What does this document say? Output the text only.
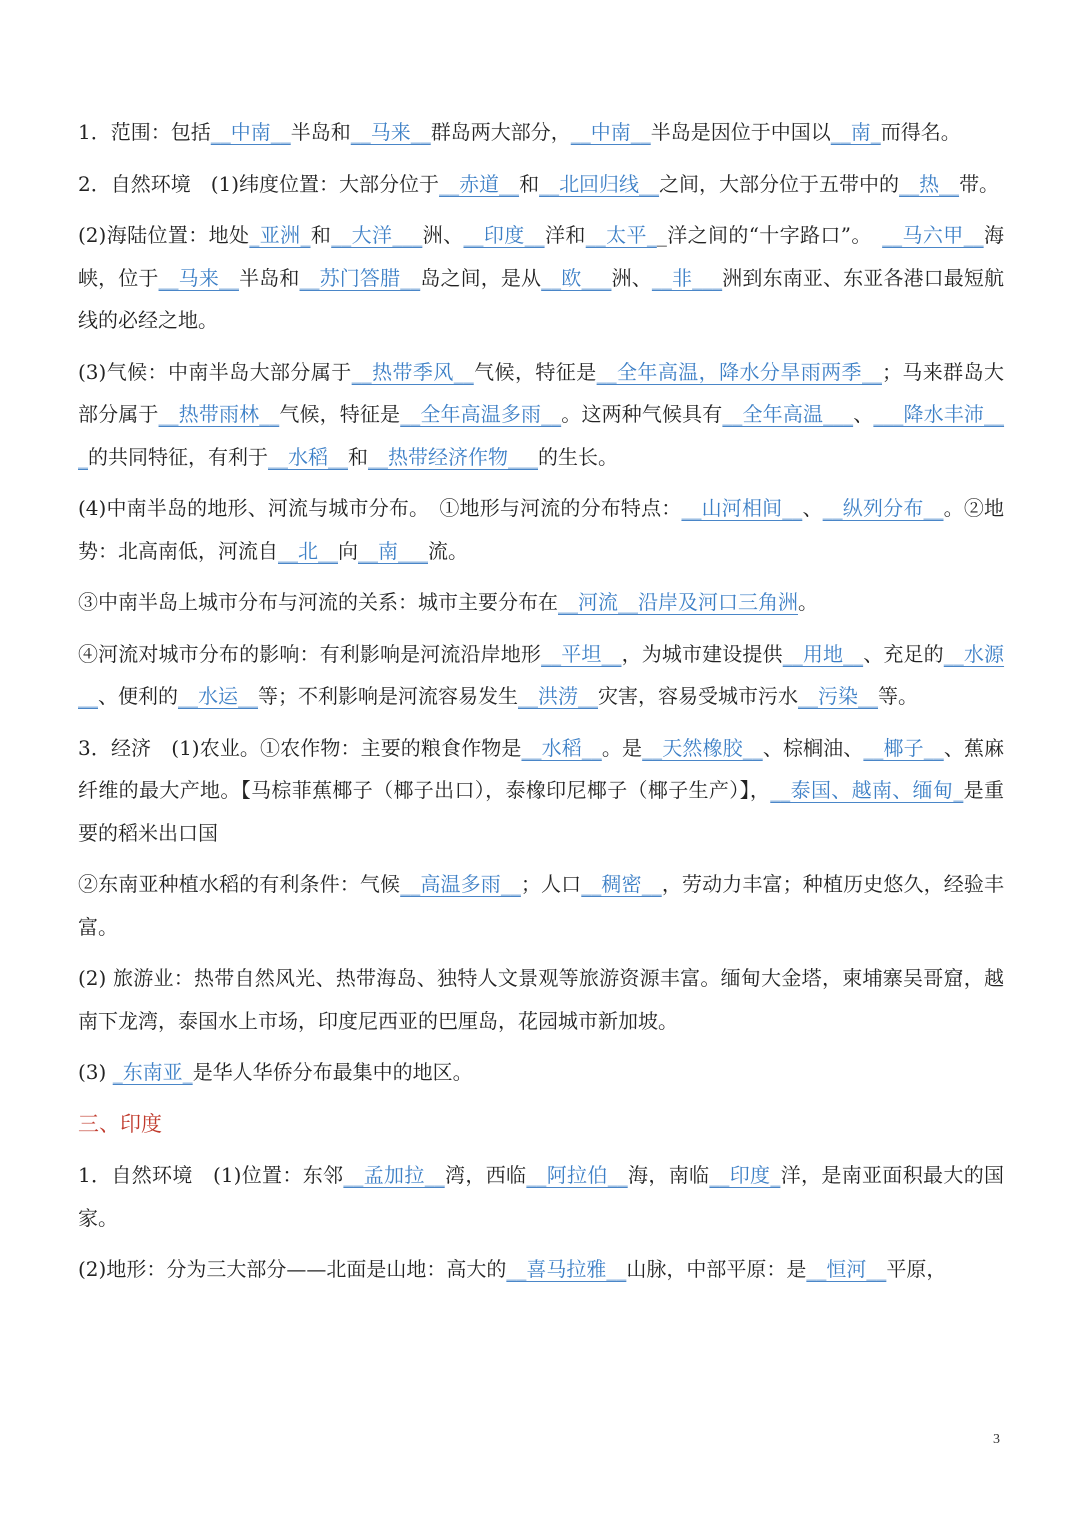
1．范围：包括__中南__半岛和__马来__群岛两大部分，__中南__半岛是因位于中国以__南_而得名。
2．自然环境　(1)纬度位置：大部分位于__赤道__和__北回归线__之间，大部分位于五带中的__热__带。
(2)海陆位置：地处_亚洲_和__大洋___洲、__印度__洋和__太平__洋之间的“十字路口”。　__马六甲__海峡，位于__马来__半岛和__苏门答腊__岛之间，是从__欧___洲、__非___洲到东南亚、东亚各港口最短航线的必经之地。
(3)气候：中南半岛大部分属于__热带季风__气候，特征是__全年高温，降水分旱雨两季__；马来群岛大部分属于__热带雨林__气候，特征是__全年高温多雨__。这两种气候具有__全年高温___、___降水丰沛___的共同特征，有利于__水稻__和__热带经济作物___的生长。
(4)中南半岛的地形、河流与城市分布。　①地形与河流的分布特点：__山河相间__、__纵列分布__。②地势：北高南低，河流自__北__向__南___流。
③中南半岛上城市分布与河流的关系：城市主要分布在__河流__沿岸及河口三角洲。
④河流对城市分布的影响：有利影响是河流沿岸地形__平坦__，为城市建设提供__用地__、充足的__水源__、便利的__水运__等；不利影响是河流容易发生__洪涝__灾害，容易受城市污水__污染__等。
3．经济　(1)农业。①农作物：主要的粮食作物是__水稻__。是__天然橡胶__、棕榈油、__椰子__、蕉麻纤维的最大产地。【马棕菲蕉椰子（椰子出口），泰橡印尼椰子（椰子生产）】，__泰国、越南、缅甸_是重要的稻米出口国
②东南亚种植水稻的有利条件：气候__高温多雨__；人口__稠密__，劳动力丰富；种植历史悠久，经验丰富。
(2) 旅游业：热带自然风光、热带海岛、独特人文景观等旅游资源丰富。缅甸大金塔，柬埔寨吴哥窟，越南下龙湾，泰国水上市场，印度尼西亚的巴厘岛，花园城市新加坡。
(3) _东南亚_是华人华侨分布最集中的地区。
三、印度
1．自然环境　(1)位置：东邻__孟加拉__湾，西临__阿拉伯__海，南临__印度_洋，是南亚面积最大的国家。
(2)地形：分为三大部分——北面是山地：高大的__喜马拉雅__山脉，中部平原：是__恒河__平原，
3
